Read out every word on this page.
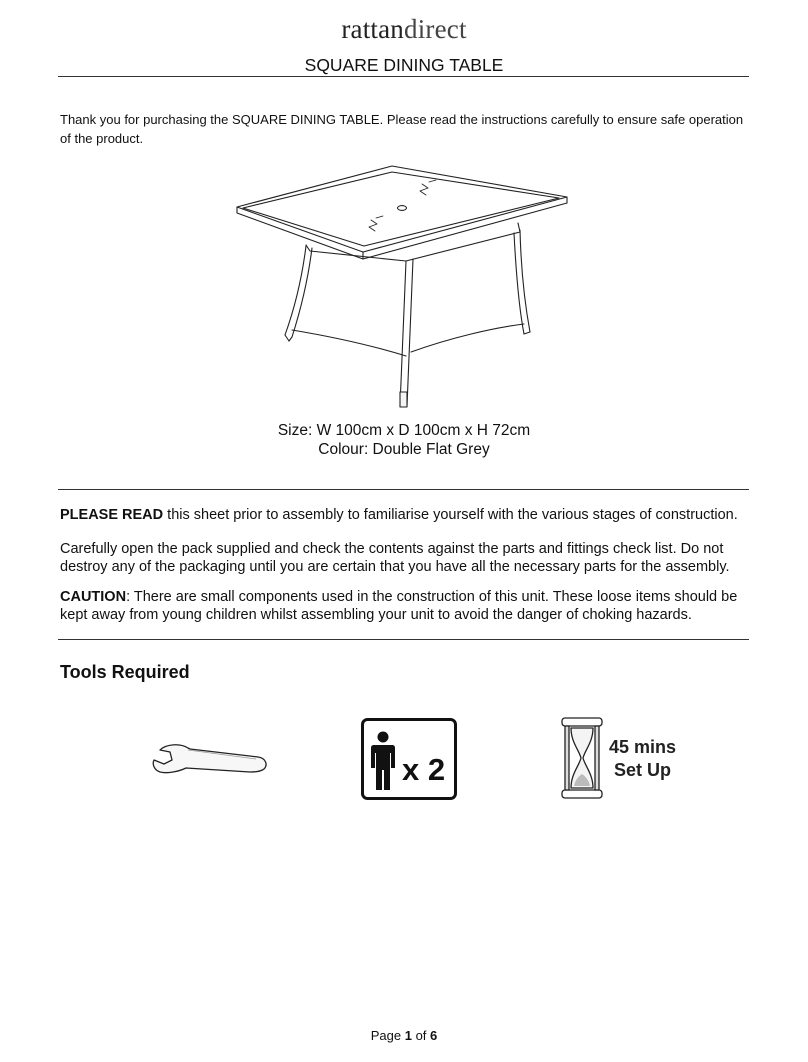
rattandirect
SQUARE DINING TABLE
Thank you for purchasing the SQUARE DINING TABLE. Please read the instructions carefully to ensure safe operation of the product.
Size: W 100cm x D 100cm x H 72cm
Colour: Double Flat Grey
PLEASE READ this sheet prior to assembly to familiarise yourself with the various stages of construction.
Carefully open the pack supplied and check the contents against the parts and fittings check list. Do not destroy any of the packaging until you are certain that you have all the necessary parts for the assembly.
CAUTION: There are small components used in the construction of this unit. These loose items should be kept away from young children whilst assembling your unit to avoid the danger of choking hazards.
Tools Required
x 2
45 mins
Set Up
Page 1 of 6
